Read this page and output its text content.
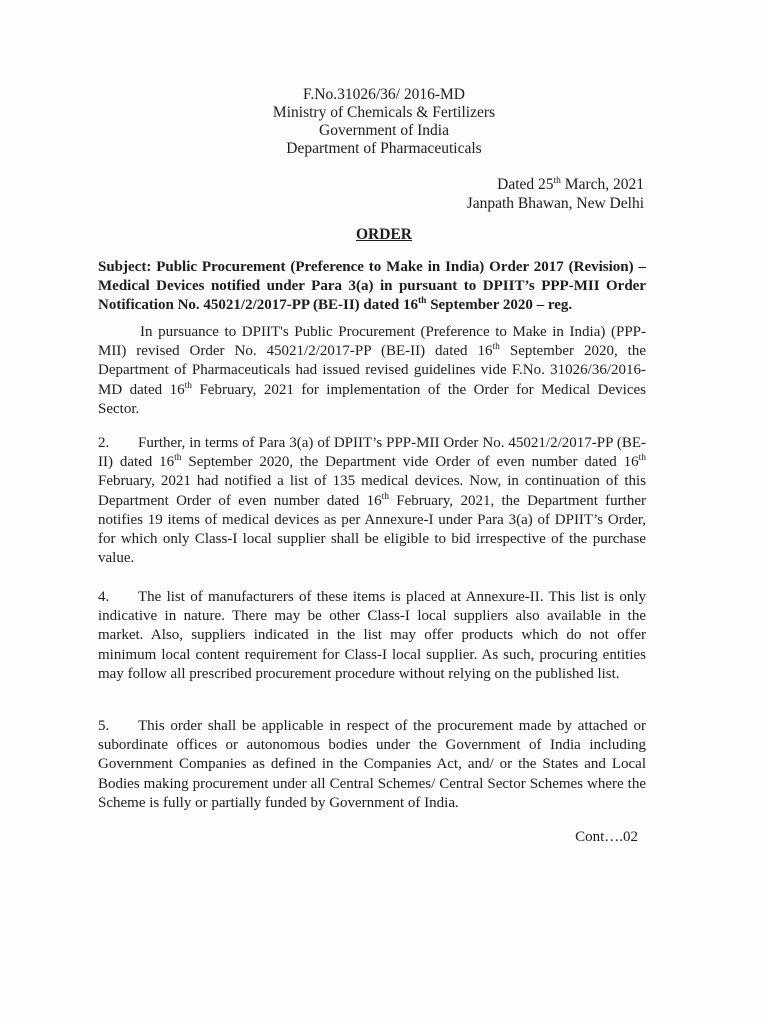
F.No.31026/36/ 2016-MD
Ministry of Chemicals & Fertilizers
Government of India
Department of Pharmaceuticals
Dated 25th March, 2021
Janpath Bhawan, New Delhi
ORDER
Subject: Public Procurement (Preference to Make in India) Order 2017 (Revision) – Medical Devices notified under Para 3(a) in pursuant to DPIIT’s PPP-MII Order Notification No. 45021/2/2017-PP (BE-II) dated 16th September 2020 – reg.
In pursuance to DPIIT's Public Procurement (Preference to Make in India) (PPP-MII) revised Order No. 45021/2/2017-PP (BE-II) dated 16th September 2020, the Department of Pharmaceuticals had issued revised guidelines vide F.No. 31026/36/2016-MD dated 16th February, 2021 for implementation of the Order for Medical Devices Sector.
2. Further, in terms of Para 3(a) of DPIIT’s PPP-MII Order No. 45021/2/2017-PP (BE-II) dated 16th September 2020, the Department vide Order of even number dated 16th February, 2021 had notified a list of 135 medical devices. Now, in continuation of this Department Order of even number dated 16th February, 2021, the Department further notifies 19 items of medical devices as per Annexure-I under Para 3(a) of DPIIT’s Order, for which only Class-I local supplier shall be eligible to bid irrespective of the purchase value.
4. The list of manufacturers of these items is placed at Annexure-II. This list is only indicative in nature. There may be other Class-I local suppliers also available in the market. Also, suppliers indicated in the list may offer products which do not offer minimum local content requirement for Class-I local supplier. As such, procuring entities may follow all prescribed procurement procedure without relying on the published list.
5. This order shall be applicable in respect of the procurement made by attached or subordinate offices or autonomous bodies under the Government of India including Government Companies as defined in the Companies Act, and/ or the States and Local Bodies making procurement under all Central Schemes/ Central Sector Schemes where the Scheme is fully or partially funded by Government of India.
Cont….02
